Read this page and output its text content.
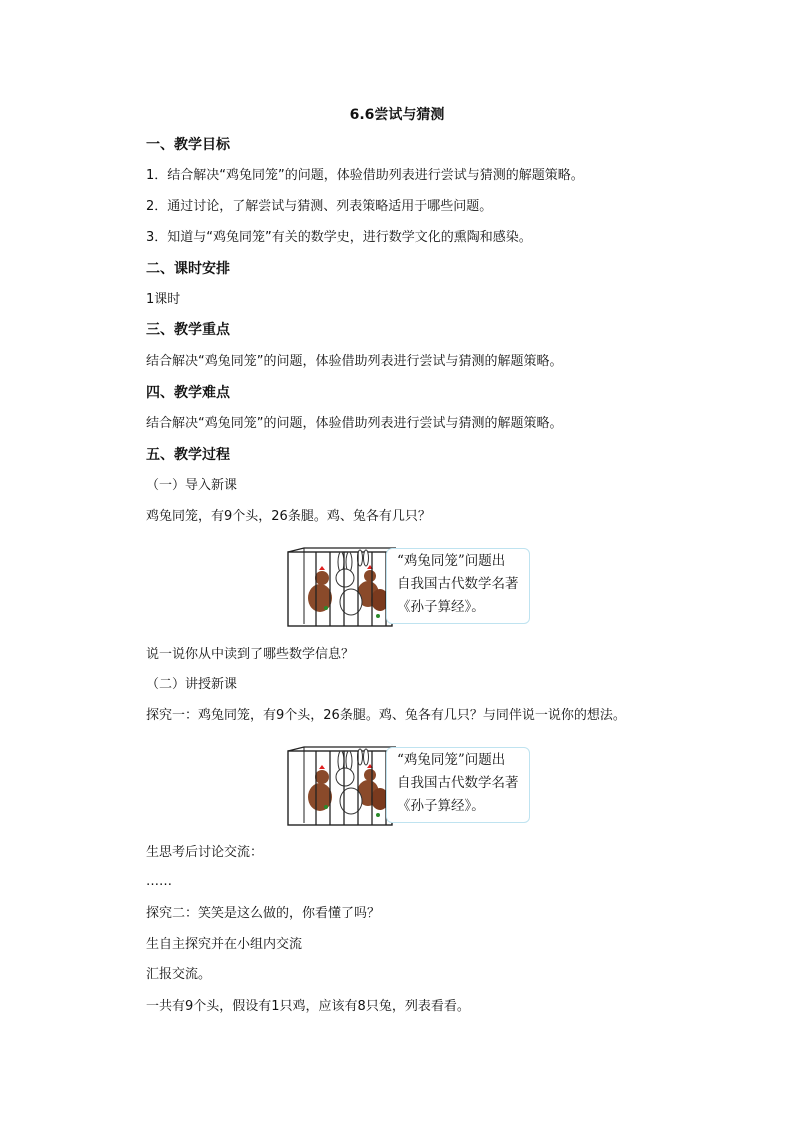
6.6尝试与猜测
一、教学目标
1．结合解决“鸡兔同笼”的问题，体验借助列表进行尝试与猜测的解题策略。
2．通过讨论，了解尝试与猜测、列表策略适用于哪些问题。
3．知道与“鸡兔同笼”有关的数学史，进行数学文化的熏陶和感染。
二、课时安排
1课时
三、教学重点
结合解决“鸡兔同笼”的问题，体验借助列表进行尝试与猜测的解题策略。
四、教学难点
结合解决“鸡兔同笼”的问题，体验借助列表进行尝试与猜测的解题策略。
五、教学过程
（一）导入新课
鸡兔同笼，有9个头，26条腿。鸡、兔各有几只？
“鸡兔同笼”问题出
自我国古代数学名著
《孙子算经》。
说一说你从中读到了哪些数学信息？
（二）讲授新课
探究一：鸡兔同笼，有9个头，26条腿。鸡、兔各有几只？与同伴说一说你的想法。
“鸡兔同笼”问题出
自我国古代数学名著
《孙子算经》。
生思考后讨论交流：
……
探究二：笑笑是这么做的，你看懂了吗？
生自主探究并在小组内交流
汇报交流。
一共有9个头，假设有1只鸡，应该有8只兔，列表看看。
